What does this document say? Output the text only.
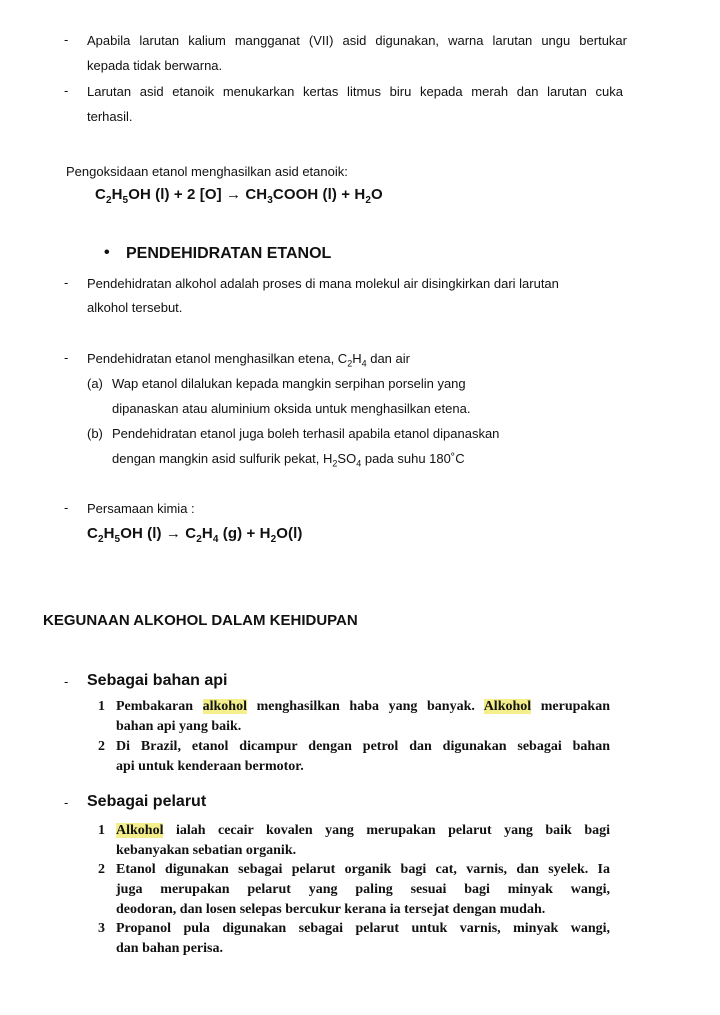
- Apabila larutan kalium mangganat (VII) asid digunakan, warna larutan ungu bertukar
kepada tidak berwarna.
- Larutan asid etanoik menukarkan kertas litmus biru kepada merah dan larutan cuka
terhasil.
Pengoksidaan etanol menghasilkan asid etanoik:
$C_2H_5OH$ (l) + 2 $[O] \to CH_3COOH$ $(l) + H_2O$
• PENDEHIDRATAN ETANOL
- Pendehidratan alkohol adalah proses di mana molekul air disingkirkan dari larutan
alkohol tersebut.
- Pendehidratan etanol menghasilkan etena, $C_2H_4$ dan air
(a) Wap etanol dilalukan kepada mangkin serpihan porselin yang
dipanaskan atau aluminium oksida untuk menghasilkan etena.
(b) Pendehidratan etanol juga boleh terhasil apabila etanol dipanaskan
dengan mangkin asid sulfurik pekat, $H_2SO_4$ pada suhu 180˚C
- Persamaan kimia :
$C_2H_5OH$ $(l) \to C_2H_4$ $(g) + H_2O(l)$
KEGUNAAN ALKOHOL DALAM KEHIDUPAN
- Sebagai bahan api
1 Pembakaran alkohol menghasilkan haba yang banyak. Alkohol merupakan
bahan api yang baik.
2 Di Brazil, etanol dicampur dengan petrol dan digunakan sebagai bahan
api untuk kenderaan bermotor.
- Sebagai pelarut
1 Alkohol ialah cecair kovalen yang merupakan pelarut yang baik bagi
kebanyakan sebatian organik.
2 Etanol digunakan sebagai pelarut organik bagi cat, varnis, dan syelek. Ia
juga merupakan pelarut yang paling sesuai bagi minyak wangi,
deodoran, dan losen selepas bercukur kerana ia tersejat dengan mudah.
3 Propanol pula digunakan sebagai pelarut untuk varnis, minyak wangi,
dan bahan perisa.
